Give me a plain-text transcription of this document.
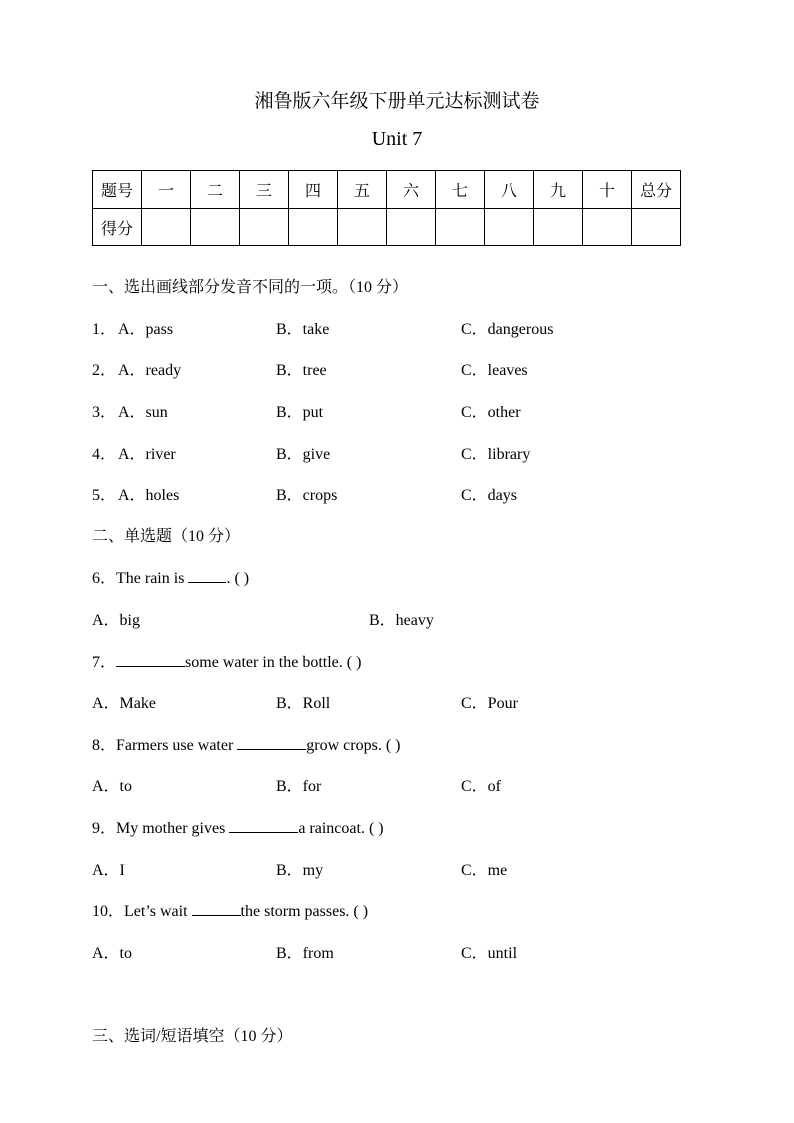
湘鲁版六年级下册单元达标测试卷
Unit 7
题号	一	二	三	四	五	六	七	八	九	十	总分
得分											
一、选出画线部分发音不同的一项。（10 分）
1． A．pass	B．take	C．dangerous
2． A．ready	B．tree	C．leaves
3． A．sun	B．put	C．other
4． A．river	B．give	C．library
5． A．holes	B．crops	C．days
二、单选题（10 分）
6．The rain is . ( )
A．big	B．heavy
7．	some water in the bottle. ( )
A．Make	B．Roll	C．Pour
8．Farmers use water	grow crops. ( )
A．to	B．for	C．of
9．My mother gives	a raincoat. ( )
A．I	B．my	C．me
10．Let’s wait	the storm passes. ( )
A．to	B．from	C．until
三、选词/短语填空（10 分）
